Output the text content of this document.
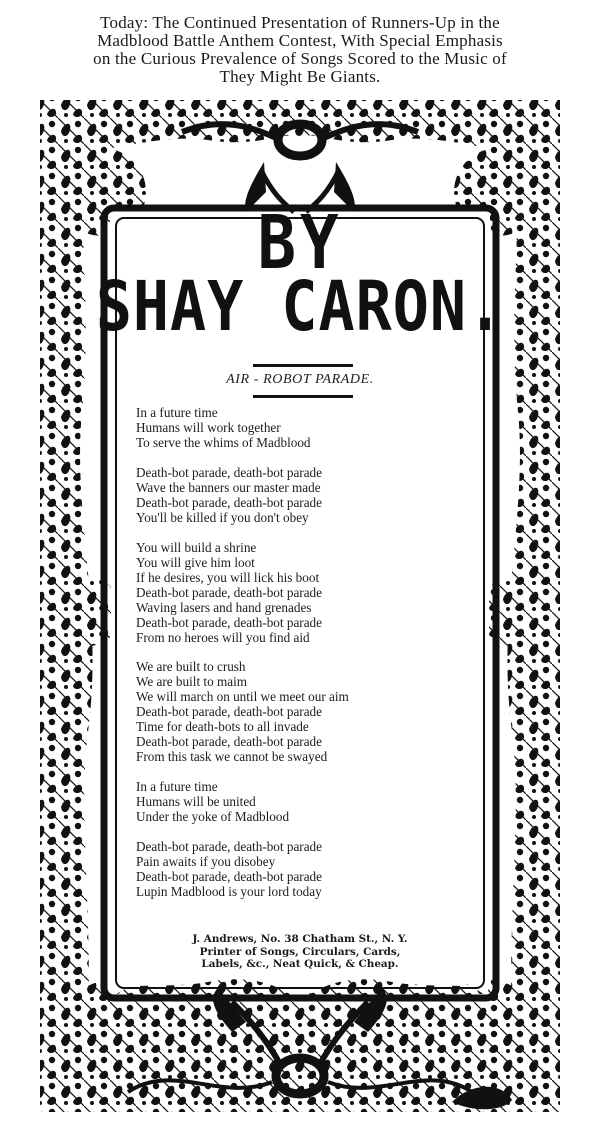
Today: The Continued Presentation of Runners-Up in the
Madblood Battle Anthem Contest, With Special Emphasis
on the Curious Prevalence of Songs Scored to the Music of
They Might Be Giants.
BY
SHAY CARON.
AIR - ROBOT PARADE.
In a future time
Humans will work together
To serve the whims of Madblood
Death-bot parade, death-bot parade
Wave the banners our master made
Death-bot parade, death-bot parade
You'll be killed if you don't obey
You will build a shrine
You will give him loot
If he desires, you will lick his boot
Death-bot parade, death-bot parade
Waving lasers and hand grenades
Death-bot parade, death-bot parade
From no heroes will you find aid
We are built to crush
We are built to maim
We will march on until we meet our aim
Death-bot parade, death-bot parade
Time for death-bots to all invade
Death-bot parade, death-bot parade
From this task we cannot be swayed
In a future time
Humans will be united
Under the yoke of Madblood
Death-bot parade, death-bot parade
Pain awaits if you disobey
Death-bot parade, death-bot parade
Lupin Madblood is your lord today
J. Andrews, No. 38 Chatham St., N. Y.
Printer of Songs, Circulars, Cards,
Labels, &c., Neat Quick, & Cheap.
